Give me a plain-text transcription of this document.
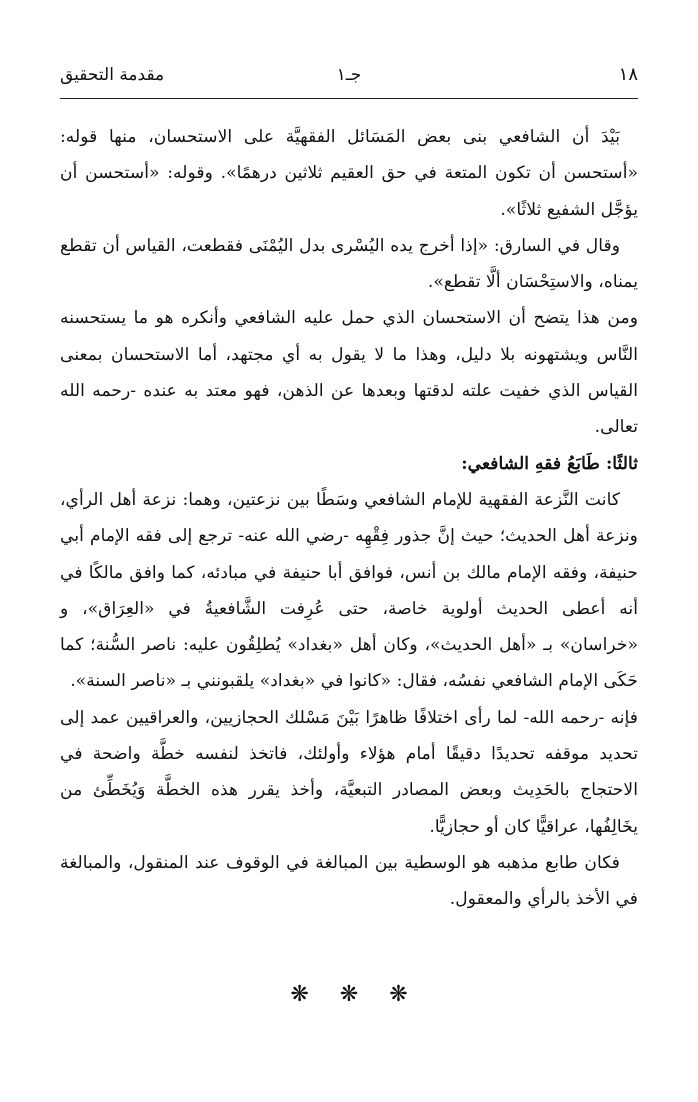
١٨
جـ١
مقدمة التحقيق

بَيْدَ أن الشافعي بنى بعض المَسَائل الفقهيَّة على الاستحسان، منها قوله: «أستحسن أن تكون المتعة في حق العقيم ثلاثين درهمًا». وقوله: «أستحسن أن يؤجَّل الشفيع ثلاثًا».

وقال في السارق: «إذا أخرج يده اليُسْرى بدل اليُمْنَى فقطعت، القياس أن تقطع يمناه، والاستِحْسَان ألَّا تقطع».

ومن هذا يتضح أن الاستحسان الذي حمل عليه الشافعي وأنكره هو ما يستحسنه النَّاس ويشتهونه بلا دليل، وهذا ما لا يقول به أي مجتهد، أما الاستحسان بمعنى القياس الذي خفيت علته لدقتها وبعدها عن الذهن، فهو معتد به عنده -رحمه الله تعالى.

ثالثًا: طَابَعُ فقهِ الشافعي:

كانت النَّزعة الفقهية للإمام الشافعي وسَطًا بين نزعتين، وهما: نزعة أهل الرأي، ونزعة أهل الحديث؛ حيث إنَّ جذور فِقْهِه -رضي الله عنه- ترجع إلى فقه الإمام أبي حنيفة، وفقه الإمام مالك بن أنس، فوافق أبا حنيفة في مبادئه، كما وافق مالكًا في أنه أعطى الحديث أولوية خاصة، حتى عُرِفت الشَّافعيةُ في «العِرَاق»، و «خراسان» بـ «أهل الحديث»، وكان أهل «بغداد» يُطلِقُون عليه: ناصر السُّنة؛ كما حَكَى الإمام الشافعي نفسُه، فقال: «كانوا في «بغداد» يلقبونني بـ «ناصر السنة».

فإنه -رحمه الله- لما رأى اختلافًا ظاهرًا بَيْنَ مَسْلك الحجازيين، والعراقيين عمد إلى تحديد موقفه تحديدًا دقيقًا أمام هؤلاء وأولئك، فاتخذ لنفسه خطَّة واضحة في الاحتجاج بالحَدِيث وبعض المصادر التبعيَّة، وأخذ يقرر هذه الخطَّة وَيُخَطِّئ من يخَالِفُها، عراقيًّا كان أو حجازيًّا.

فكان طابع مذهبه هو الوسطية بين المبالغة في الوقوف عند المنقول، والمبالغة في الأخذ بالرأي والمعقول.

❋ ❋ ❋
